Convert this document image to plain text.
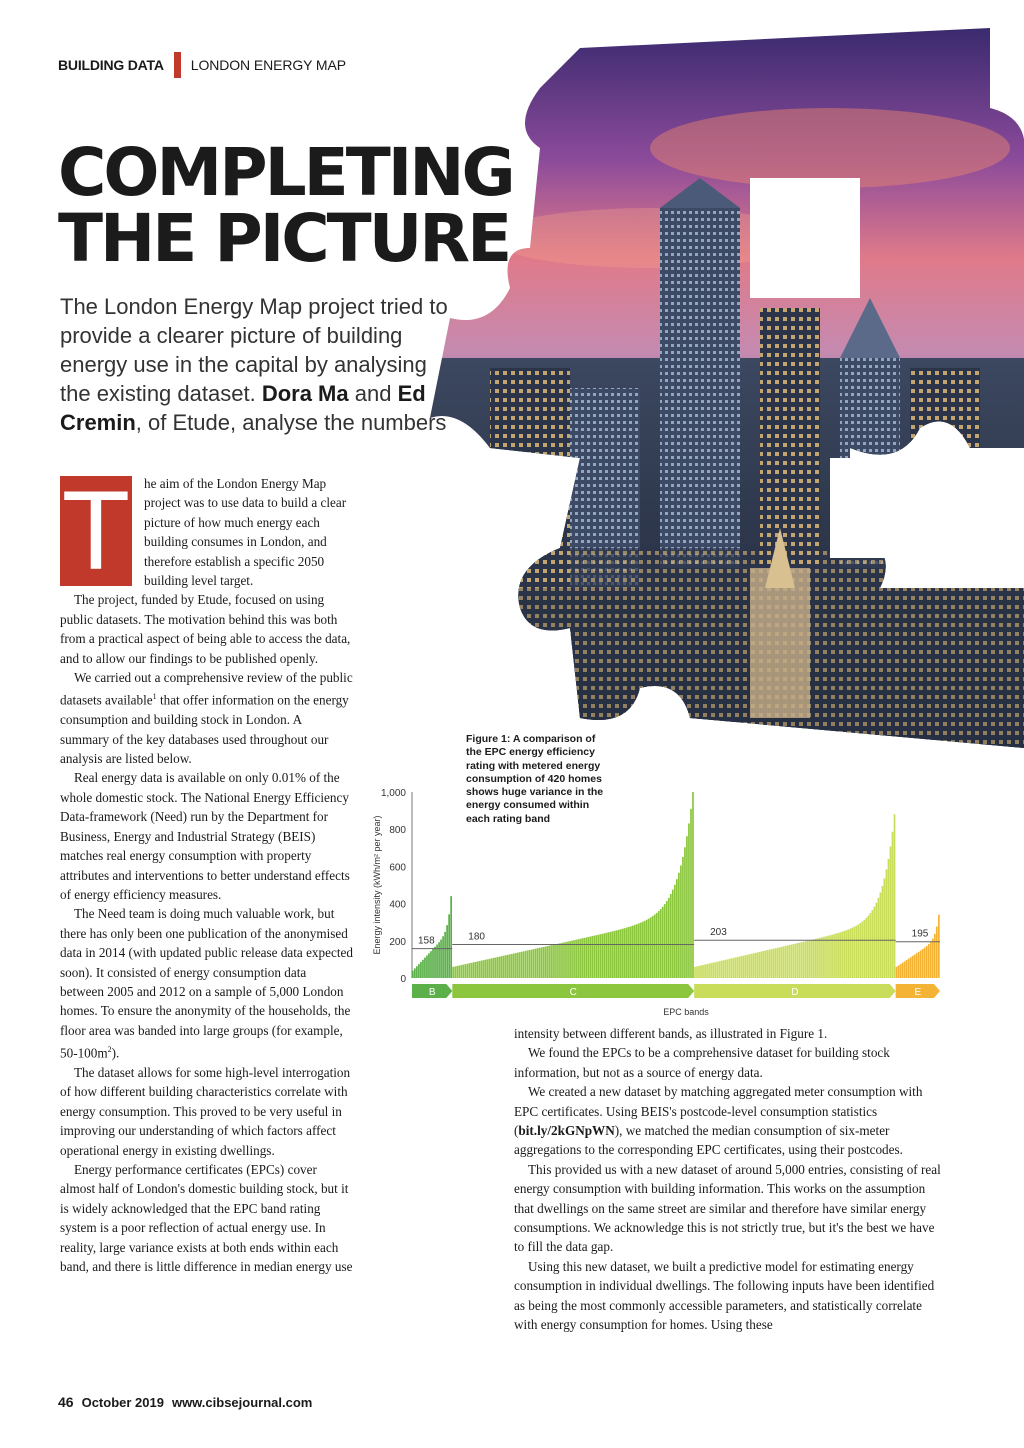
BUILDING DATA LONDON ENERGY MAP
COMPLETING
THE PICTURE
The London Energy Map project tried to provide a clearer picture of building energy use in the capital by analysing the existing dataset. Dora Ma and Ed Cremin, of Etude, analyse the numbers
T	he aim of the London Energy Map project was to use data to build a clear picture of how much energy each building consumes in London, and therefore establish a specific 2050 building level target.

The project, funded by Etude, focused on using public datasets. The motivation behind this was both from a practical aspect of being able to access the data, and to allow our findings to be published openly.

We carried out a comprehensive review of the public datasets available$^1$ that offer information on the energy consumption and building stock in London. A summary of the key databases used throughout our analysis are listed below.

Real energy data is available on only 0.01% of the whole domestic stock. The National Energy Efficiency Data-framework (Need) run by the Department for Business, Energy and Industrial Strategy (BEIS) matches real energy consumption with property attributes and interventions to better understand effects of energy efficiency measures.

The Need team is doing much valuable work, but there has only been one publication of the anonymised data in 2014 (with updated public release data expected soon). It consisted of energy consumption data between 2005 and 2012 on a sample of 5,000 London homes. To ensure the anonymity of the households, the floor area was banded into large groups (for example, $50-100m^2$).

The dataset allows for some high-level interrogation of how different building characteristics correlate with energy consumption. This proved to be very useful in improving our understanding of which factors affect operational energy in existing dwellings.

Energy performance certificates (EPCs) cover almost half of London's domestic building stock, but it is widely acknowledged that the EPC band rating system is a poor reflection of actual energy use. In reality, large variance exists at both ends within each band, and there is little difference in median energy use

Figure 1: A comparison of the EPC energy efficiency rating with metered energy consumption of 420 homes shows huge variance in the energy consumed within each rating band
0
200
400
600
800
1,000
Energy intensity (kWh/m² per year)	158
B
180
C
203
D
195
E
EPC bands

intensity between different bands, as illustrated in Figure 1.

We found the EPCs to be a comprehensive dataset for building stock information, but not as a source of energy data.

We created a new dataset by matching aggregated meter consumption with EPC certificates. Using BEIS's postcode-level consumption statistics (bit.ly/2kGNpWN), we matched the median consumption of six-meter aggregations to the corresponding EPC certificates, using their postcodes.

This provided us with a new dataset of around 5,000 entries, consisting of real energy consumption with building information. This works on the assumption that dwellings on the same street are similar and therefore have similar energy consumptions. We acknowledge this is not strictly true, but it's the best we have to fill the data gap.

Using this new dataset, we built a predictive model for estimating energy consumption in individual dwellings. The following inputs have been identified as being the most commonly accessible parameters, and statistically correlate with energy consumption for homes. Using these

46 October 2019 www.cibsejournal.com
